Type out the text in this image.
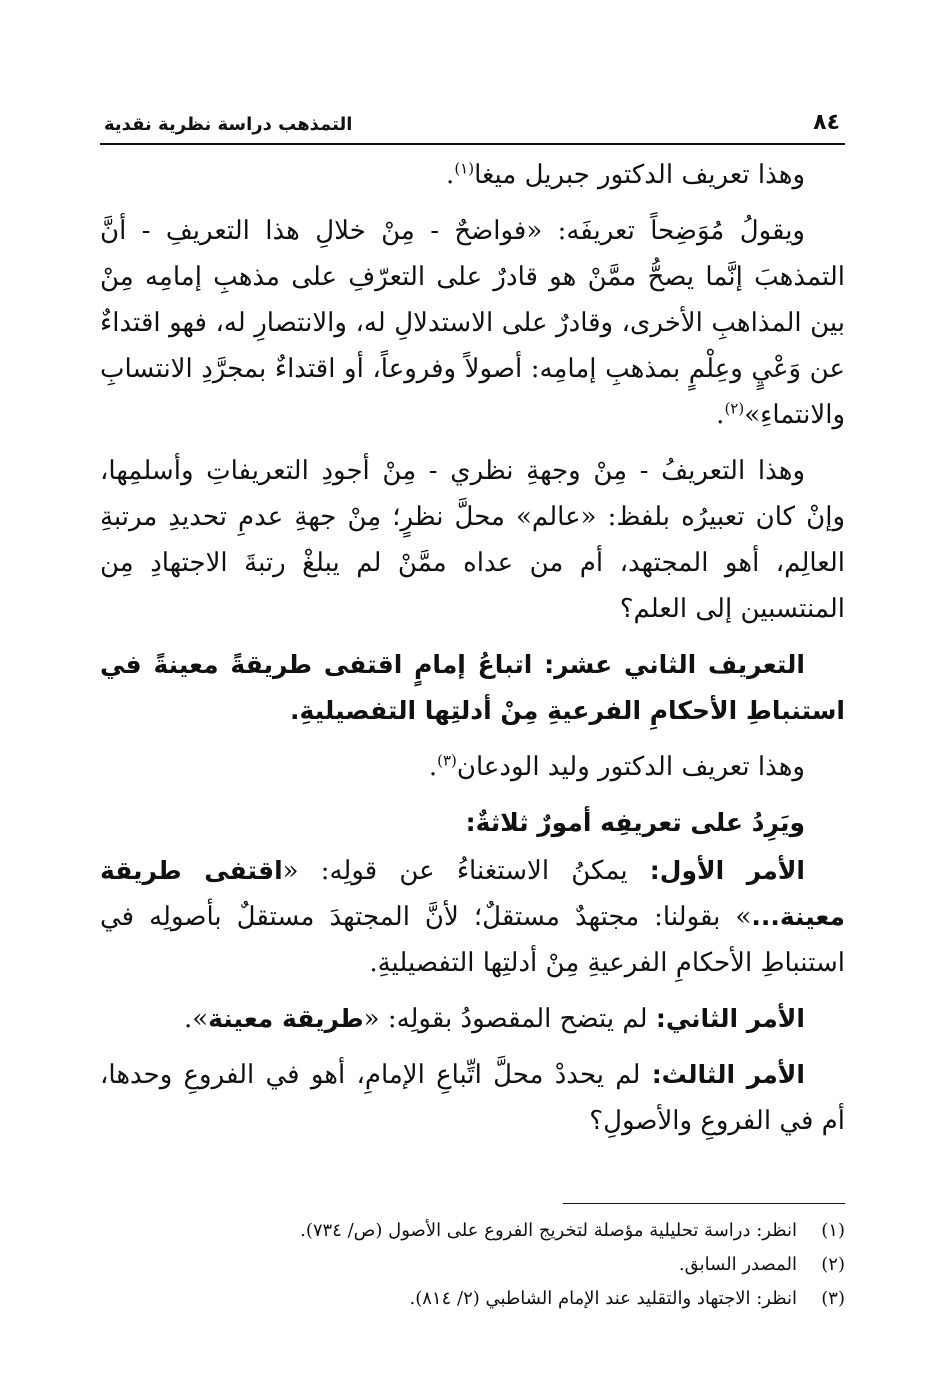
٨٤
التمذهب دراسة نظرية نقدية

وهذا تعريف الدكتور جبريل ميغا$^{(١)}$.

ويقولُ مُوَضِحاً تعريفَه: «فواضحٌ - مِنْ خلالِ هذا التعريفِ - أنَّ التمذهبَ إنَّما يصحُّ ممَّنْ هو قادرٌ على التعرّفِ على مذهبِ إمامِه مِنْ بين المذاهبِ الأخرى، وقادرٌ على الاستدلالِ له، والانتصارِ له، فهو اقتداءٌ عن وَعْيٍ وعِلْمٍ بمذهبِ إمامِه: أصولاً وفروعاً، أو اقتداءٌ بمجرَّدِ الانتسابِ والانتماءِ»$^{(٢)}$.

وهذا التعريفُ - مِنْ وجهةِ نظري - مِنْ أجودِ التعريفاتِ وأسلمِها، وإنْ كان تعبيرُه بلفظ: «عالم» محلَّ نظرٍ؛ مِنْ جهةِ عدمِ تحديدِ مرتبةِ العالِم، أهو المجتهد، أم من عداه ممَّنْ لم يبلغْ رتبةَ الاجتهادِ مِن المنتسبين إلى العلم؟

التعريف الثاني عشر: اتباعُ إمامٍ اقتفى طريقةً معينةً في استنباطِ الأحكامِ الفرعيةِ مِنْ أدلتِها التفصيليةِ.

وهذا تعريف الدكتور وليد الودعان$^{(٣)}$.

ويَرِدُ على تعريفِه أمورٌ ثلاثةٌ:

الأمر الأول: يمكنُ الاستغناءُ عن قولِه: «اقتفى طريقة معينة...» بقولنا: مجتهدٌ مستقلٌ؛ لأنَّ المجتهدَ مستقلٌ بأصولِه في استنباطِ الأحكامِ الفرعيةِ مِنْ أدلتِها التفصيليةِ.

الأمر الثاني: لم يتضح المقصودُ بقولِه: «طريقة معينة».

الأمر الثالث: لم يحددْ محلَّ اتِّباعِ الإمامِ، أهو في الفروعِ وحدها، أم في الفروعِ والأصولِ؟

(١)
انظر: دراسة تحليلية مؤصلة لتخريج الفروع على الأصول (ص/ ٧٣٤).
(٢)
المصدر السابق.
(٣)
انظر: الاجتهاد والتقليد عند الإمام الشاطبي (٢/ ٨١٤).
